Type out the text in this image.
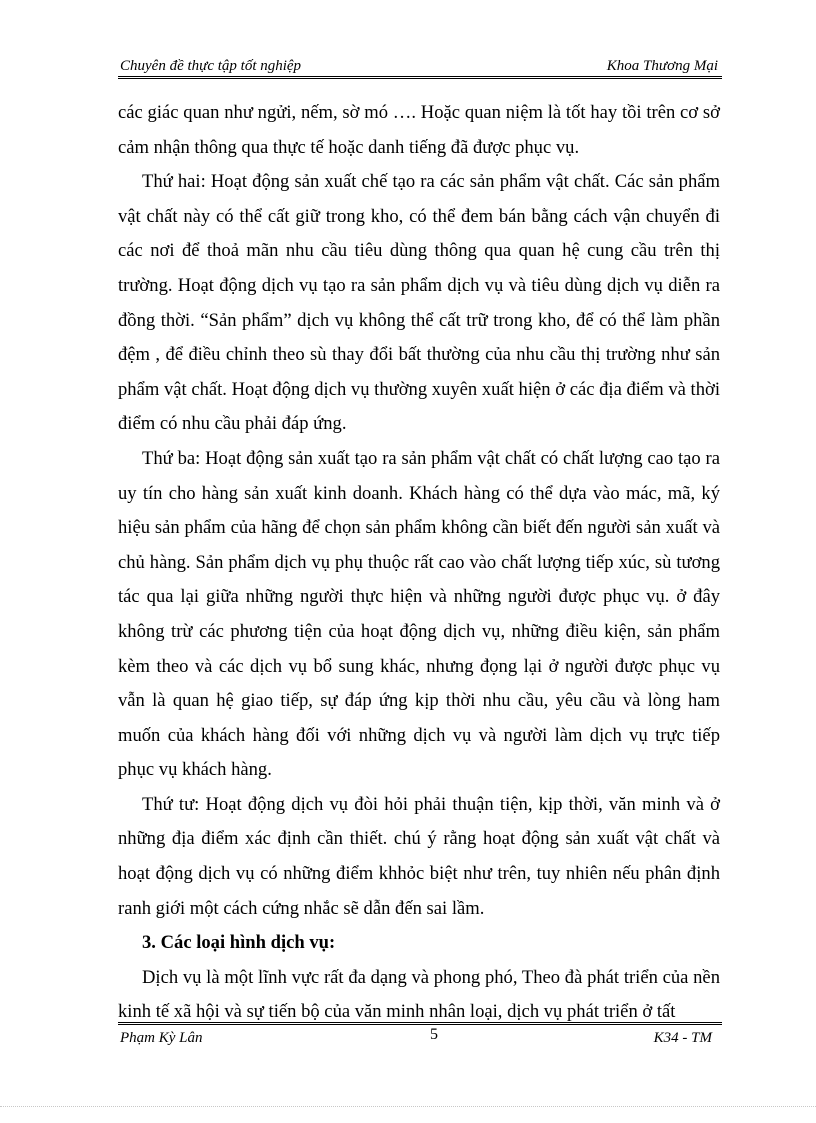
Chuyên đề thực tập tốt nghiệp	Khoa Thương Mại

các giác quan như ngửi, nếm, sờ mó …. Hoặc quan niệm là tốt hay tồi trên cơ sở cảm nhận thông qua thực tế hoặc danh tiếng đã được phục vụ.

Thứ hai: Hoạt động sản xuất chế tạo ra các sản phẩm vật chất. Các sản phẩm vật chất này có thể cất giữ trong kho, có thể đem bán bằng cách vận chuyển đi các nơi để thoả mãn nhu cầu tiêu dùng thông qua quan hệ cung cầu trên thị trường. Hoạt động dịch vụ tạo ra sản phẩm dịch vụ và tiêu dùng dịch vụ diễn ra đồng thời. “Sản phẩm” dịch vụ không thể cất trữ trong kho, để có thể làm phần đệm , để điều chỉnh theo sù thay đổi bất thường của nhu cầu thị trường như sản phẩm vật chất. Hoạt động dịch vụ thường xuyên xuất hiện ở các địa điểm và thời điểm có nhu cầu phải đáp ứng.

Thứ ba: Hoạt động sản xuất tạo ra sản phẩm vật chất có chất lượng cao tạo ra uy tín cho hàng sản xuất kinh doanh. Khách hàng có thể dựa vào mác, mã, ký hiệu sản phẩm của hãng để chọn sản phẩm không cần biết đến người sản xuất và chủ hàng. Sản phẩm dịch vụ phụ thuộc rất cao vào chất lượng tiếp xúc, sù tương tác qua lại giữa những người thực hiện và những người được phục vụ. ở đây không trừ các phương tiện của hoạt động dịch vụ, những điều kiện, sản phẩm kèm theo và các dịch vụ bổ sung khác, nhưng đọng lại ở người được phục vụ vẫn là quan hệ giao tiếp, sự đáp ứng kịp thời nhu cầu, yêu cầu và lòng ham muốn của khách hàng đối với những dịch vụ và người làm dịch vụ trực tiếp phục vụ khách hàng.

Thứ tư: Hoạt động dịch vụ đòi hỏi phải thuận tiện, kịp thời, văn minh và ở những địa điểm xác định cần thiết. chú ý rằng hoạt động sản xuất vật chất và hoạt động dịch vụ có những điểm khhỏc biệt như trên, tuy nhiên nếu phân định ranh giới một cách cứng nhắc sẽ dẫn đến sai lầm.

3. Các loại hình dịch vụ:

Dịch vụ là một lĩnh vực rất đa dạng và phong phó, Theo đà phát triển của nền kinh tế xã hội và sự tiến bộ của văn minh nhân loại, dịch vụ phát triển ở tất

Phạm Kỳ Lân	5	K34 - TM
